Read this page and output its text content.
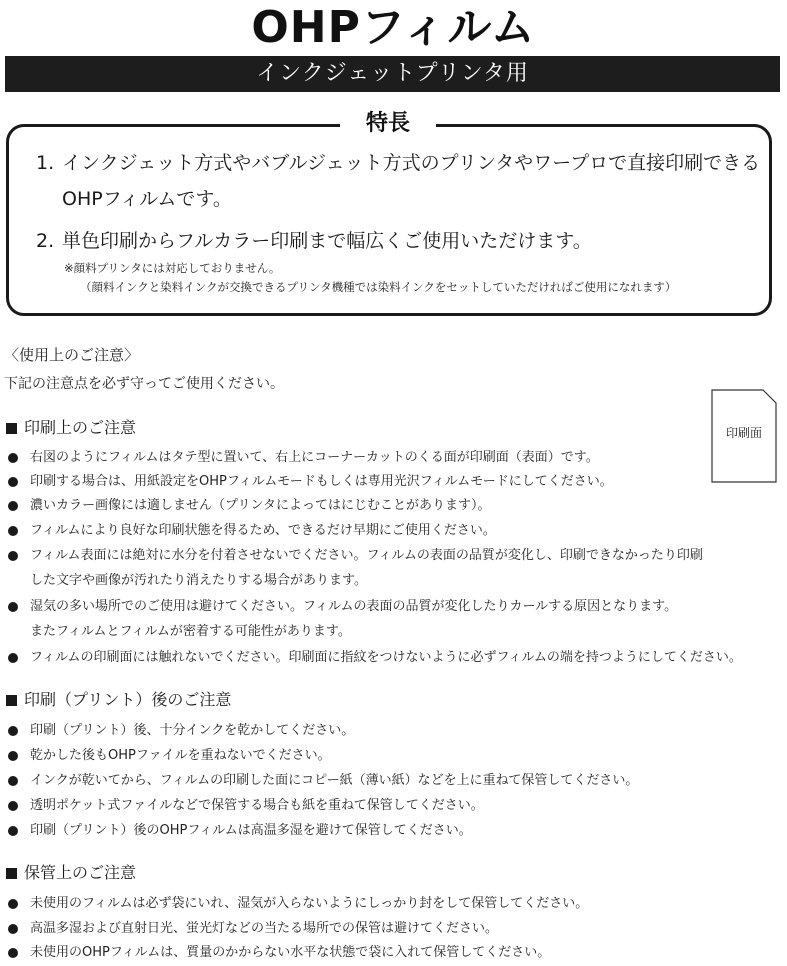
OHPフィルム
インクジェットプリンタ用
特長
1. インクジェット方式やバブルジェット方式のプリンタやワープロで直接印刷できる
OHPフィルムです。
2. 単色印刷からフルカラー印刷まで幅広くご使用いただけます。
※顔料プリンタには対応しておりません。
（顔料インクと染料インクが交換できるプリンタ機種では染料インクをセットしていただければご使用になれます）
〈使用上のご注意〉
下記の注意点を必ず守ってご使用ください。
印刷面
印刷上のご注意
右図のようにフィルムはタテ型に置いて、右上にコーナーカットのくる面が印刷面（表面）です。
印刷する場合は、用紙設定をOHPフィルムモードもしくは専用光沢フィルムモードにしてください。
濃いカラー画像には適しません（プリンタによってはにじむことがあります）。
フィルムにより良好な印刷状態を得るため、できるだけ早期にご使用ください。
フィルム表面には絶対に水分を付着させないでください。フィルムの表面の品質が変化し、印刷できなかったり印刷
した文字や画像が汚れたり消えたりする場合があります。
湿気の多い場所でのご使用は避けてください。フィルムの表面の品質が変化したりカールする原因となります。
またフィルムとフィルムが密着する可能性があります。
フィルムの印刷面には触れないでください。印刷面に指紋をつけないように必ずフィルムの端を持つようにしてください。
印刷（プリント）後のご注意
印刷（プリント）後、十分インクを乾かしてください。
乾かした後もOHPファイルを重ねないでください。
インクが乾いてから、フィルムの印刷した面にコピー紙（薄い紙）などを上に重ねて保管してください。
透明ポケット式ファイルなどで保管する場合も紙を重ねて保管してください。
印刷（プリント）後のOHPフィルムは高温多湿を避けて保管してください。
保管上のご注意
未使用のフィルムは必ず袋にいれ、湿気が入らないようにしっかり封をして保管してください。
高温多湿および直射日光、蛍光灯などの当たる場所での保管は避けてください。
未使用のOHPフィルムは、質量のかからない水平な状態で袋に入れて保管してください。
